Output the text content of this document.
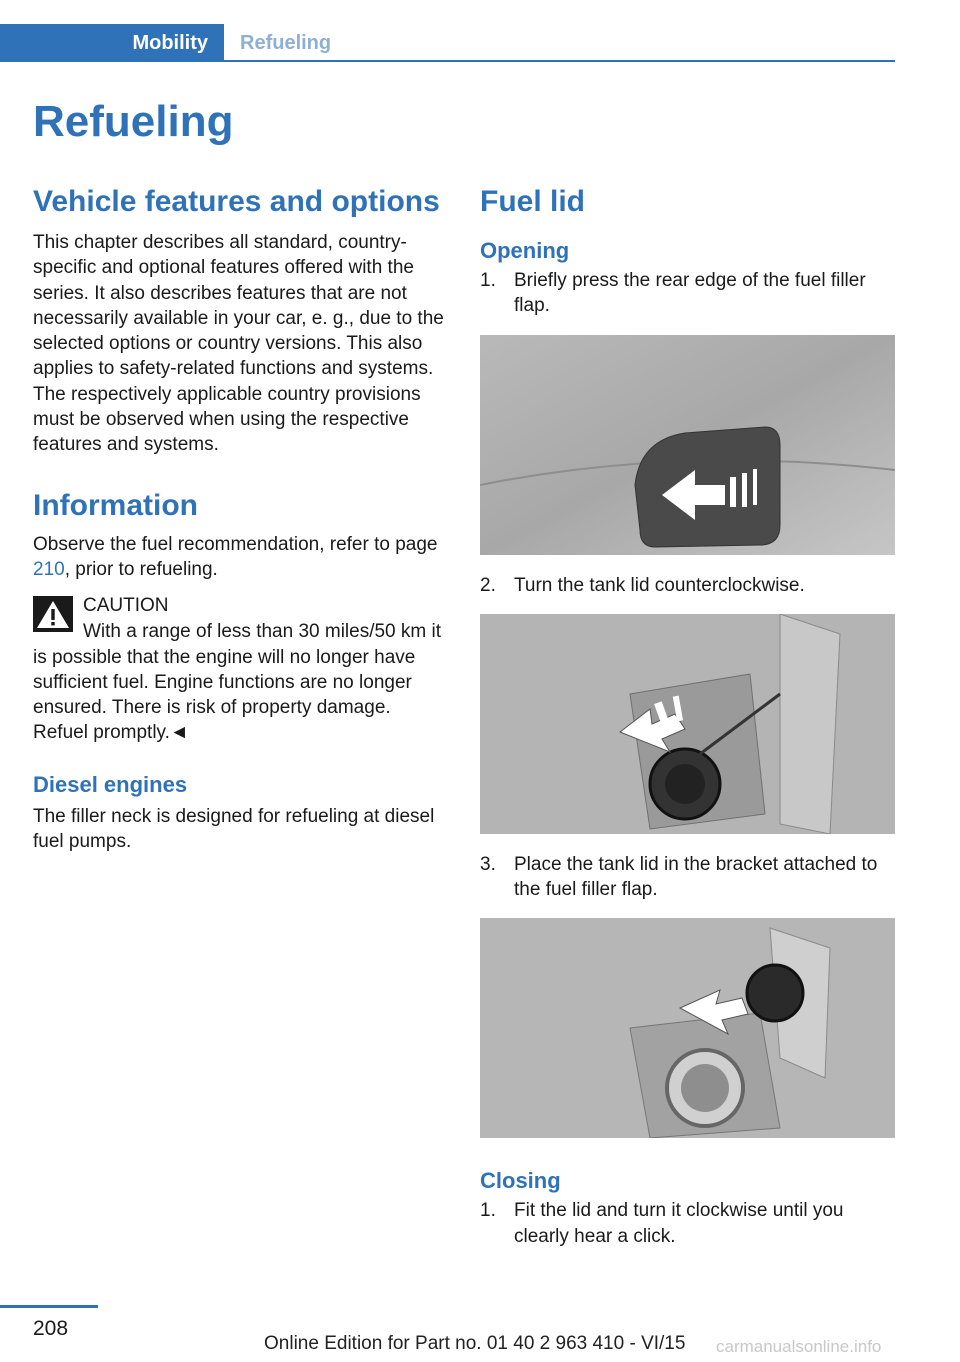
Mobility	Refueling
Refueling
Vehicle features and options

This chapter describes all standard, country-specific and optional features offered with the series. It also describes features that are not necessarily available in your car, e. g., due to the selected options or country versions. This also applies to safety-related functions and systems. The respectively applicable country provisions must be observed when using the respective features and systems.

Information

Observe the fuel recommendation, refer to page 210, prior to refueling.

CAUTION

With a range of less than 30 miles/50 km it is possible that the engine will no longer have sufficient fuel. Engine functions are no longer ensured. There is risk of property damage. Refuel promptly.◄

Diesel engines

The filler neck is designed for refueling at diesel fuel pumps.

Fuel lid
Opening
1. Briefly press the rear edge of the fuel filler flap.
2. Turn the tank lid counterclockwise.
3. Place the tank lid in the bracket attached to the fuel filler flap.
Closing
1. Fit the lid and turn it clockwise until you clearly hear a click.
208
Online Edition for Part no. 01 40 2 963 410 - VI/15 carmanualsonline.info
